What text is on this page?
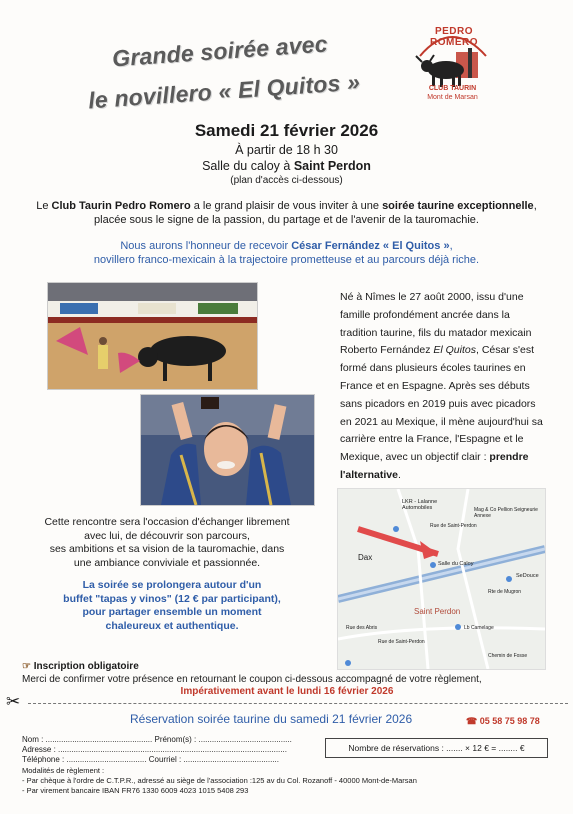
Grande soirée avec
le novillero « El Quitos »
PEDRO ROMERO
CLUB TAURIN
Mont de Marsan
Samedi 21 février 2026
À partir de 18 h 30
Salle du caloy à Saint Perdon
(plan d'accès ci-dessous)
Le Club Taurin Pedro Romero a le grand plaisir de vous inviter à une soirée taurine exceptionnelle,
placée sous le signe de la passion, du partage et de l'avenir de la tauromachie.
Nous aurons l'honneur de recevoir César Fernández « El Quitos »,
novillero franco-mexicain à la trajectoire prometteuse et au parcours déjà riche.
Né à Nîmes le 27 août 2000, issu d'une
famille profondément ancrée dans la
tradition taurine, fils du matador mexicain
Roberto Fernández El Quitos, César s'est
formé dans plusieurs écoles taurines en
France et en Espagne. Après ses débuts
sans picadors en 2019 puis avec picadors
en 2021 au Mexique, il mène aujourd'hui sa
carrière entre la France, l'Espagne et le
Mexique, avec un objectif clair : prendre
l'alternative.
Cette rencontre sera l'occasion d'échanger librement
avec lui, de découvrir son parcours,
ses ambitions et sa vision de la tauromachie, dans
une ambiance conviviale et passionnée.
La soirée se prolongera autour d'un
buffet "tapas y vinos" (12 € par participant),
pour partager ensemble un moment
chaleureux et authentique.
LKR - Lalanne Automobiles
Rue de Saint-Perdon
Mag & Co Pellion Seigneurie Annexe
Salle du Caloy
Dax
Saint Perdon
SeDouce
Rte de Mugron
Rue des Abris	Lb Camelage
Rue de Saint-Perdon
Chemin de Fosse
☞ Inscription obligatoire
Merci de confirmer votre présence en retournant le coupon ci-dessous accompagné de votre règlement,
Impérativement avant le lundi 16 février 2026
✂
Réservation soirée taurine du samedi 21 février 2026	☎ 05 58 75 98 78
Nom : ................................................ Prénom(s) : ..........................................
Adresse : .......................................................................................................
Téléphone : .................................... Courriel : ...........................................
Nombre de réservations : ....... × 12 € = ........ €
Modalités de règlement :
- Par chèque à l'ordre de C.T.P.R., adressé au siège de l'association :125 av du Col. Rozanoff - 40000 Mont-de-Marsan
- Par virement bancaire IBAN FR76 1330 6009 4023 1015 5408 293
